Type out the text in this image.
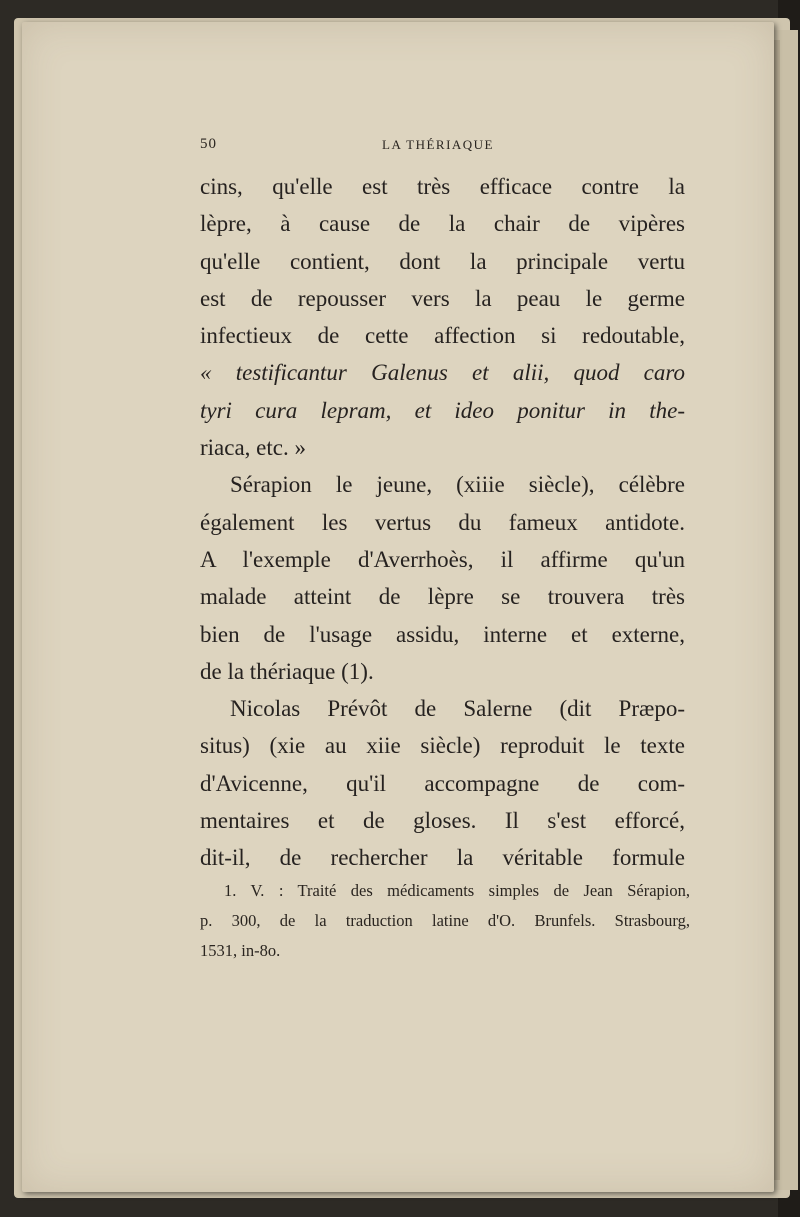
50	LA THÉRIAQUE
cins, qu'elle est très efficace contre la
lèpre, à cause de la chair de vipères
qu'elle contient, dont la principale vertu
est de repousser vers la peau le germe
infectieux de cette affection si redoutable,
« testificantur Galenus et alii, quod caro
tyri cura lepram, et ideo ponitur in the-
riaca, etc. »
Sérapion le jeune, (xiiie siècle), célèbre
également les vertus du fameux antidote.
A l'exemple d'Averrhoès, il affirme qu'un
malade atteint de lèpre se trouvera très
bien de l'usage assidu, interne et externe,
de la thériaque (1).
Nicolas Prévôt de Salerne (dit Præpo-
situs) (xie au xiie siècle) reproduit le texte
d'Avicenne, qu'il accompagne de com-
mentaires et de gloses. Il s'est efforcé,
dit-il, de rechercher la véritable formule
1. V. : Traité des médicaments simples de Jean Sérapion,
p. 300, de la traduction latine d'O. Brunfels. Strasbourg,
1531, in-8o.
